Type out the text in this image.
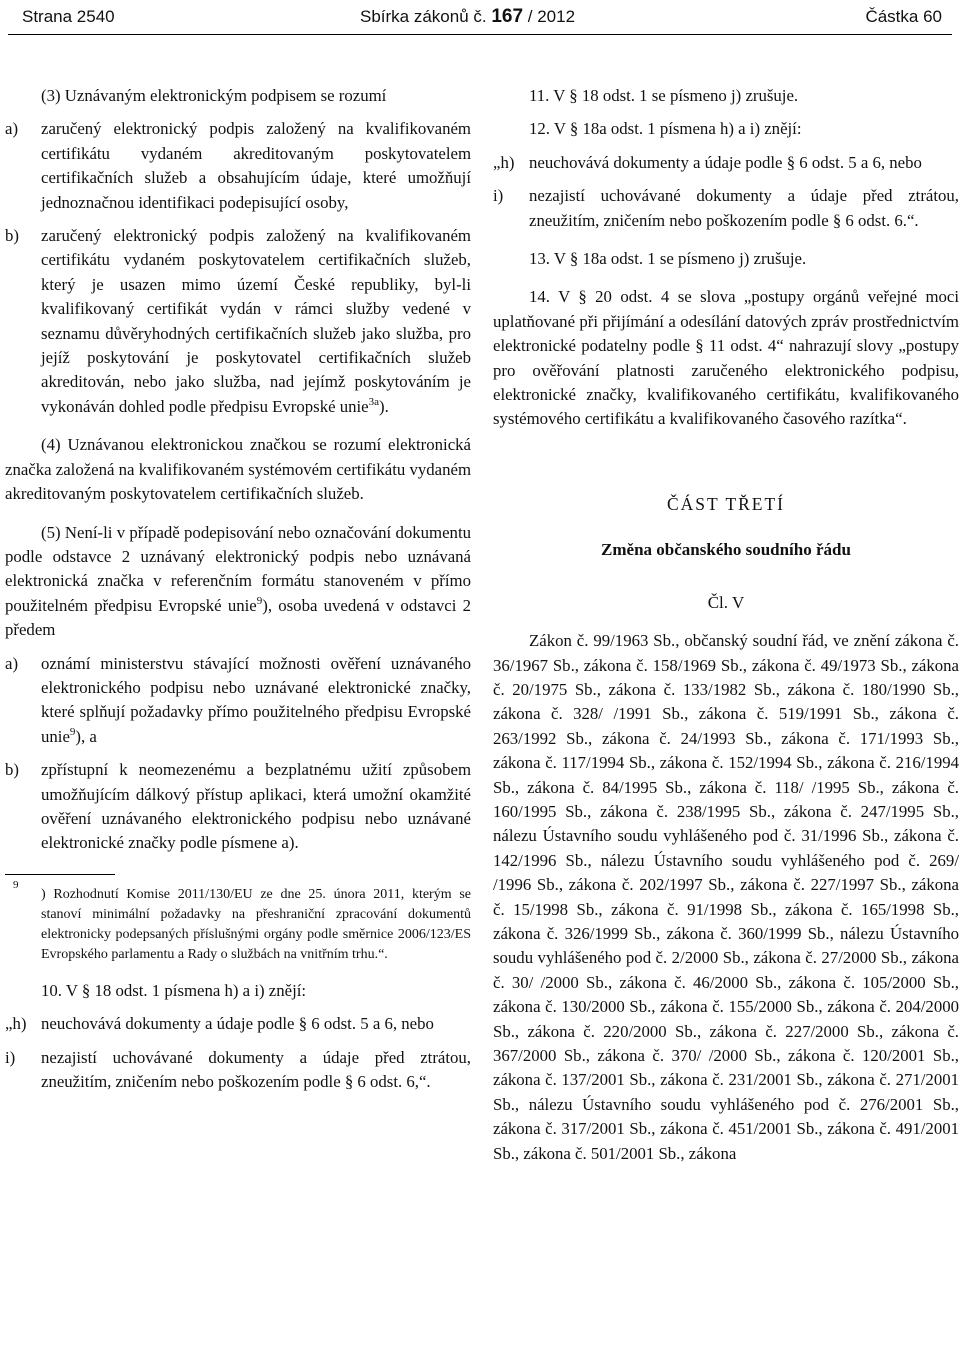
Strana 2540	Sbírka zákonů č. 167 / 2012	Částka 60

(3) Uznávaným elektronickým podpisem se rozumí

a) zaručený elektronický podpis založený na kvalifikovaném certifikátu vydaném akreditovaným poskytovatelem certifikačních služeb a obsahujícím údaje, které umožňují jednoznačnou identifikaci podepisující osoby,
b) zaručený elektronický podpis založený na kvalifikovaném certifikátu vydaném poskytovatelem certifikačních služeb, který je usazen mimo území České republiky, byl-li kvalifikovaný certifikát vydán v rámci služby vedené v seznamu důvěryhodných certifikačních služeb jako služba, pro jejíž poskytování je poskytovatel certifikačních služeb akreditován, nebo jako služba, nad jejímž poskytováním je vykonáván dohled podle předpisu Evropské unie$^{3a}$).

(4) Uznávanou elektronickou značkou se rozumí elektronická značka založená na kvalifikovaném systémovém certifikátu vydaném akreditovaným poskytovatelem certifikačních služeb.

(5) Není-li v případě podepisování nebo označování dokumentu podle odstavce 2 uznávaný elektronický podpis nebo uznávaná elektronická značka v referenčním formátu stanoveném v přímo použitelném předpisu Evropské unie$^9$), osoba uvedená v odstavci 2 předem

a) oznámí ministerstvu stávající možnosti ověření uznávaného elektronického podpisu nebo uznávané elektronické značky, které splňují požadavky přímo použitelného předpisu Evropské unie$^9$), a
b) zpřístupní k neomezenému a bezplatnému užití způsobem umožňujícím dálkový přístup aplikaci, která umožní okamžité ověření uznávaného elektronického podpisu nebo uznávané elektronické značky podle písmene a).
9
) Rozhodnutí Komise 2011/130/EU ze dne 25. února 2011, kterým se stanoví minimální požadavky na přeshraniční zpracování dokumentů elektronicky podepsaných příslušnými orgány podle směrnice 2006/123/ES Evropského parlamentu a Rady o službách na vnitřním trhu.“.

10. V § 18 odst. 1 písmena h) a i) znějí:

„h) neuchovává dokumenty a údaje podle § 6 odst. 5 a 6, nebo
i) nezajistí uchovávané dokumenty a údaje před ztrátou, zneužitím, zničením nebo poškozením podle § 6 odst. 6,“.

11. V § 18 odst. 1 se písmeno j) zrušuje.

12. V § 18a odst. 1 písmena h) a i) znějí:

„h) neuchovává dokumenty a údaje podle § 6 odst. 5 a 6, nebo
i) nezajistí uchovávané dokumenty a údaje před ztrátou, zneužitím, zničením nebo poškozením podle § 6 odst. 6.“.

13. V § 18a odst. 1 se písmeno j) zrušuje.

14. V § 20 odst. 4 se slova „postupy orgánů veřejné moci uplatňované při přijímání a odesílání datových zpráv prostřednictvím elektronické podatelny podle § 11 odst. 4“ nahrazují slovy „postupy pro ověřování platnosti zaručeného elektronického podpisu, elektronické značky, kvalifikovaného certifikátu, kvalifikovaného systémového certifikátu a kvalifikovaného časového razítka“.

ČÁST TŘETÍ
Změna občanského soudního řádu
Čl. V

Zákon č. 99/1963 Sb., občanský soudní řád, ve znění zákona č. 36/1967 Sb., zákona č. 158/1969 Sb., zákona č. 49/1973 Sb., zákona č. 20/1975 Sb., zákona č. 133/1982 Sb., zákona č. 180/1990 Sb., zákona č. 328/ /1991 Sb., zákona č. 519/1991 Sb., zákona č. 263/1992 Sb., zákona č. 24/1993 Sb., zákona č. 171/1993 Sb., zákona č. 117/1994 Sb., zákona č. 152/1994 Sb., zákona č. 216/1994 Sb., zákona č. 84/1995 Sb., zákona č. 118/ /1995 Sb., zákona č. 160/1995 Sb., zákona č. 238/1995 Sb., zákona č. 247/1995 Sb., nálezu Ústavního soudu vyhlášeného pod č. 31/1996 Sb., zákona č. 142/1996 Sb., nálezu Ústavního soudu vyhlášeného pod č. 269/ /1996 Sb., zákona č. 202/1997 Sb., zákona č. 227/1997 Sb., zákona č. 15/1998 Sb., zákona č. 91/1998 Sb., zákona č. 165/1998 Sb., zákona č. 326/1999 Sb., zákona č. 360/1999 Sb., nálezu Ústavního soudu vyhlášeného pod č. 2/2000 Sb., zákona č. 27/2000 Sb., zákona č. 30/ /2000 Sb., zákona č. 46/2000 Sb., zákona č. 105/2000 Sb., zákona č. 130/2000 Sb., zákona č. 155/2000 Sb., zákona č. 204/2000 Sb., zákona č. 220/2000 Sb., zákona č. 227/2000 Sb., zákona č. 367/2000 Sb., zákona č. 370/ /2000 Sb., zákona č. 120/2001 Sb., zákona č. 137/2001 Sb., zákona č. 231/2001 Sb., zákona č. 271/2001 Sb., nálezu Ústavního soudu vyhlášeného pod č. 276/2001 Sb., zákona č. 317/2001 Sb., zákona č. 451/2001 Sb., zákona č. 491/2001 Sb., zákona č. 501/2001 Sb., zákona
